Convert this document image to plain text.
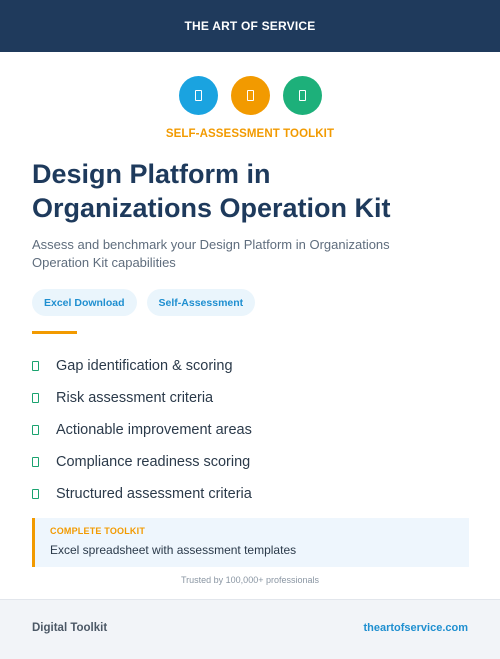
THE ART OF SERVICE
SELF-ASSESSMENT TOOLKIT
Design Platform in
Organizations Operation Kit
Assess and benchmark your Design Platform in Organizations
Operation Kit capabilities
Excel Download	Self-Assessment
Gap identification & scoring
Risk assessment criteria
Actionable improvement areas
Compliance readiness scoring
Structured assessment criteria
COMPLETE TOOLKIT
Excel spreadsheet with assessment templates
Trusted by 100,000+ professionals
Digital Toolkit	theartofservice.com
